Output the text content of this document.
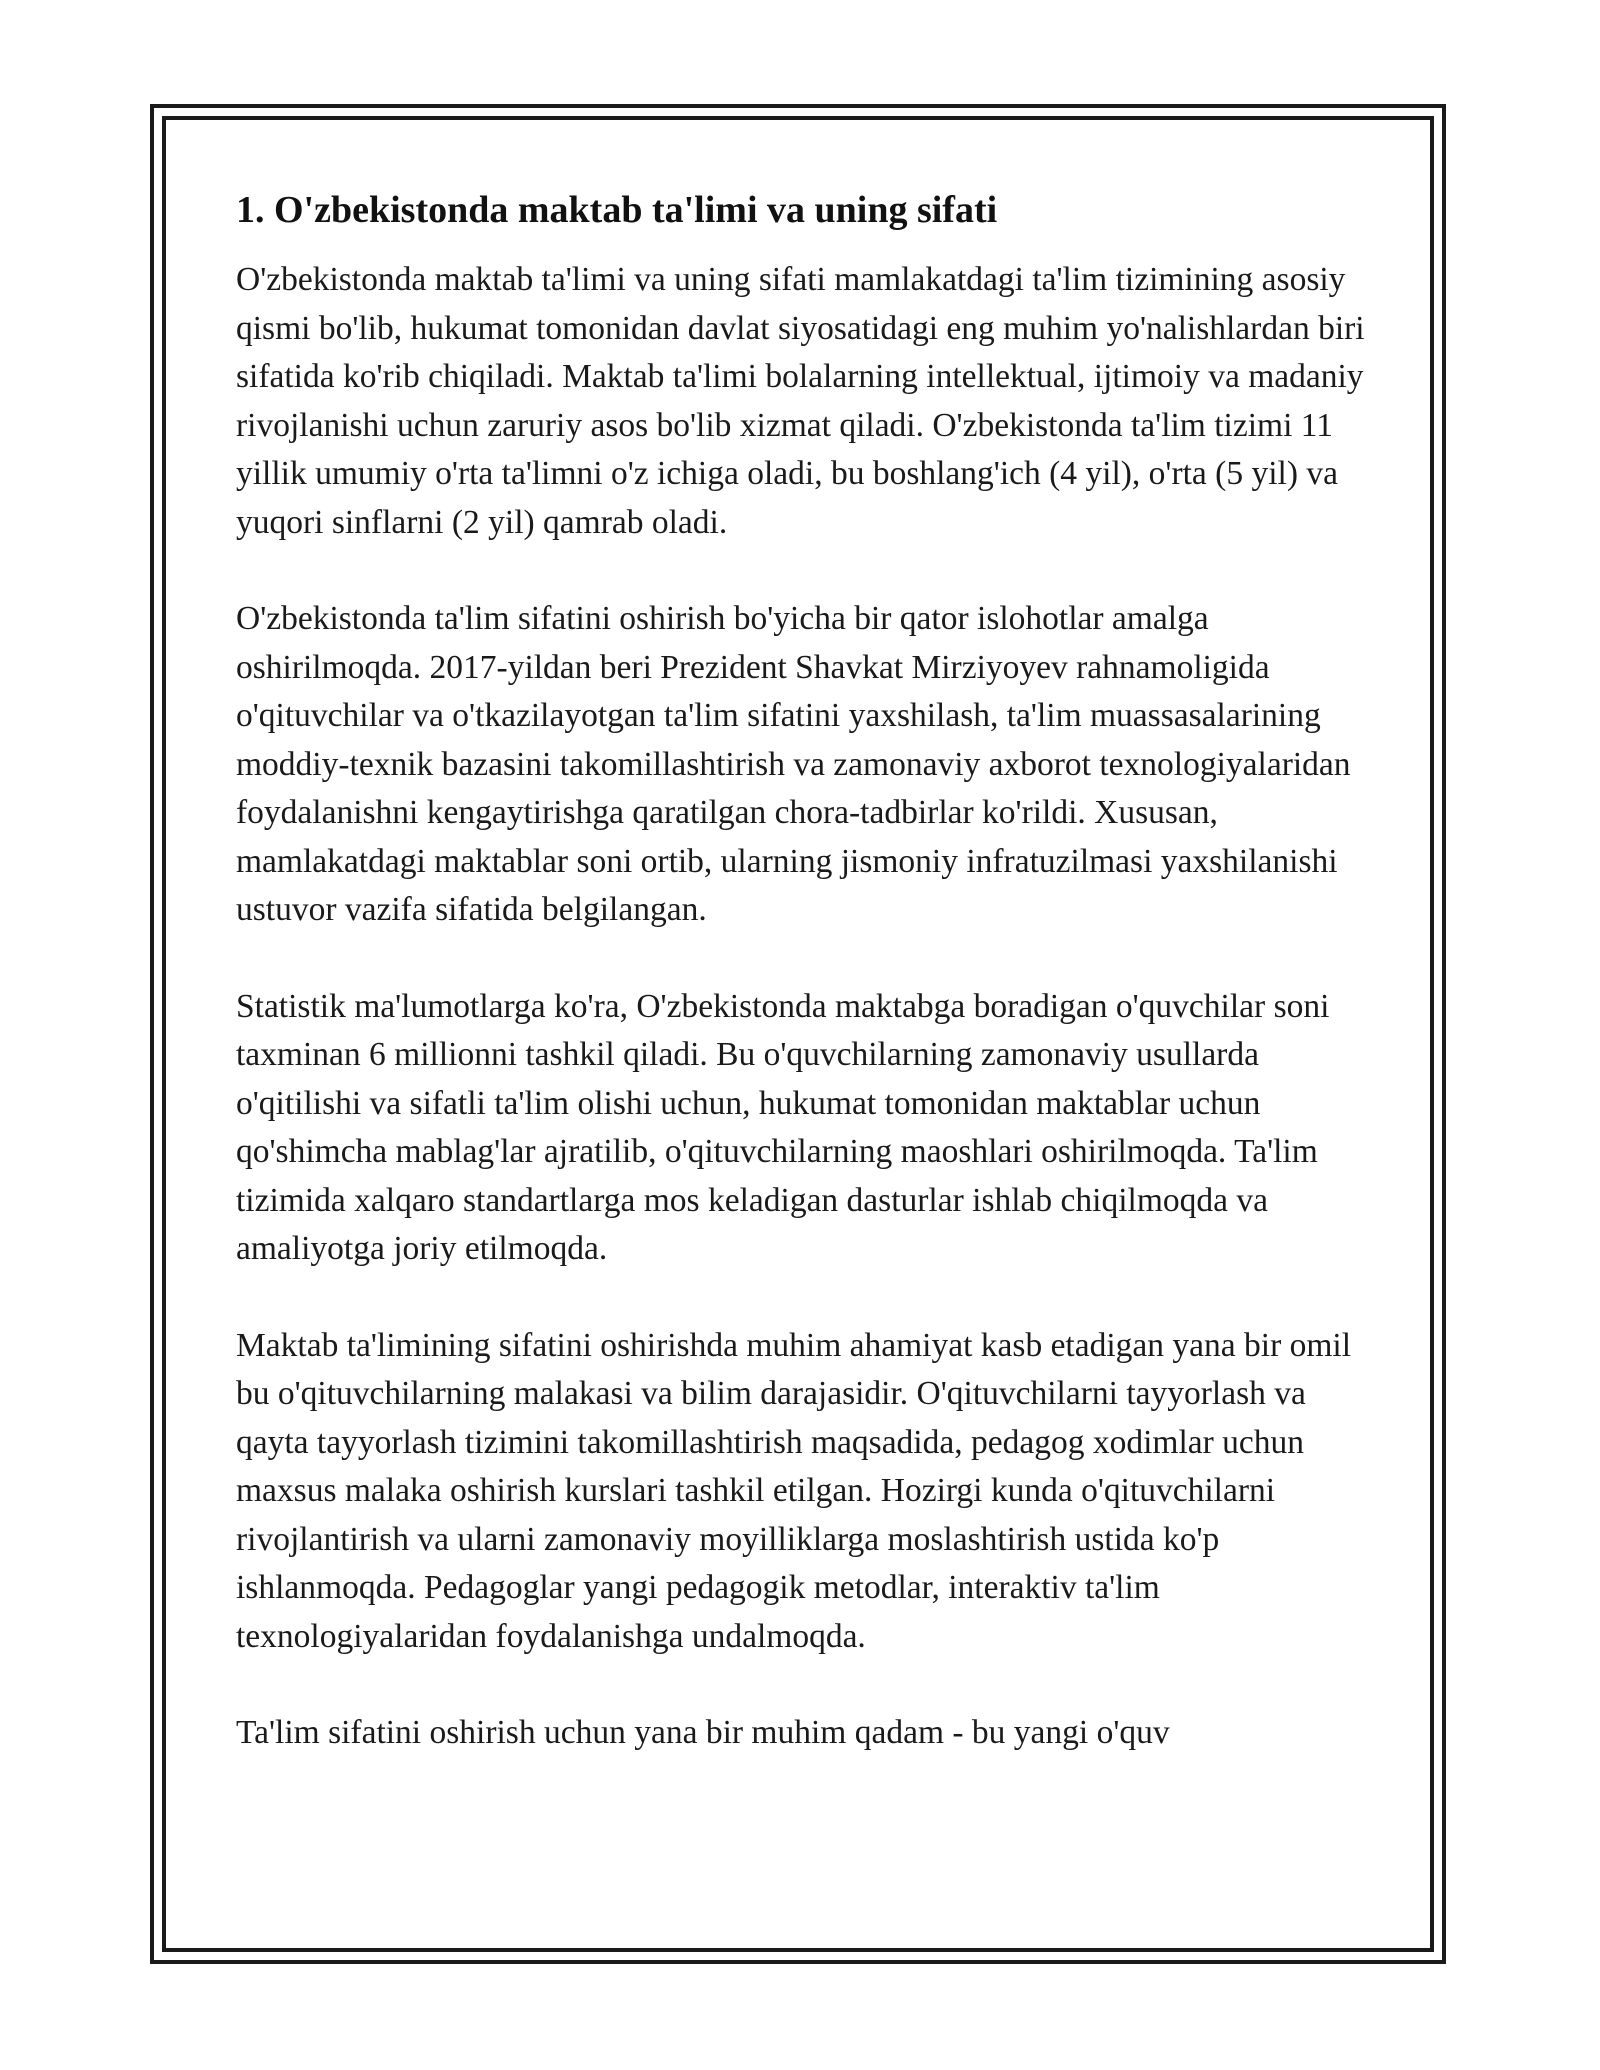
1. O'zbekistonda maktab ta'limi va uning sifati

O'zbekistonda maktab ta'limi va uning sifati mamlakatdagi ta'lim tizimining asosiy qismi bo'lib, hukumat tomonidan davlat siyosatidagi eng muhim yo'nalishlardan biri sifatida ko'rib chiqiladi. Maktab ta'limi bolalarning intellektual, ijtimoiy va madaniy rivojlanishi uchun zaruriy asos bo'lib xizmat qiladi. O'zbekistonda ta'lim tizimi 11 yillik umumiy o'rta ta'limni o'z ichiga oladi, bu boshlang'ich (4 yil), o'rta (5 yil) va yuqori sinflarni (2 yil) qamrab oladi.

O'zbekistonda ta'lim sifatini oshirish bo'yicha bir qator islohotlar amalga oshirilmoqda. 2017-yildan beri Prezident Shavkat Mirziyoyev rahnamoligida o'qituvchilar va o'tkazilayotgan ta'lim sifatini yaxshilash, ta'lim muassasalarining moddiy-texnik bazasini takomillashtirish va zamonaviy axborot texnologiyalaridan foydalanishni kengaytirishga qaratilgan chora-tadbirlar ko'rildi. Xususan, mamlakatdagi maktablar soni ortib, ularning jismoniy infratuzilmasi yaxshilanishi ustuvor vazifa sifatida belgilangan.

Statistik ma'lumotlarga ko'ra, O'zbekistonda maktabga boradigan o'quvchilar soni taxminan 6 millionni tashkil qiladi. Bu o'quvchilarning zamonaviy usullarda o'qitilishi va sifatli ta'lim olishi uchun, hukumat tomonidan maktablar uchun qo'shimcha mablag'lar ajratilib, o'qituvchilarning maoshlari oshirilmoqda. Ta'lim tizimida xalqaro standartlarga mos keladigan dasturlar ishlab chiqilmoqda va amaliyotga joriy etilmoqda.

Maktab ta'limining sifatini oshirishda muhim ahamiyat kasb etadigan yana bir omil bu o'qituvchilarning malakasi va bilim darajasidir. O'qituvchilarni tayyorlash va qayta tayyorlash tizimini takomillashtirish maqsadida, pedagog xodimlar uchun maxsus malaka oshirish kurslari tashkil etilgan. Hozirgi kunda o'qituvchilarni rivojlantirish va ularni zamonaviy moyilliklarga moslashtirish ustida ko'p ishlanmoqda. Pedagoglar yangi pedagogik metodlar, interaktiv ta'lim texnologiyalaridan foydalanishga undalmoqda.

Ta'lim sifatini oshirish uchun yana bir muhim qadam - bu yangi o'quv
